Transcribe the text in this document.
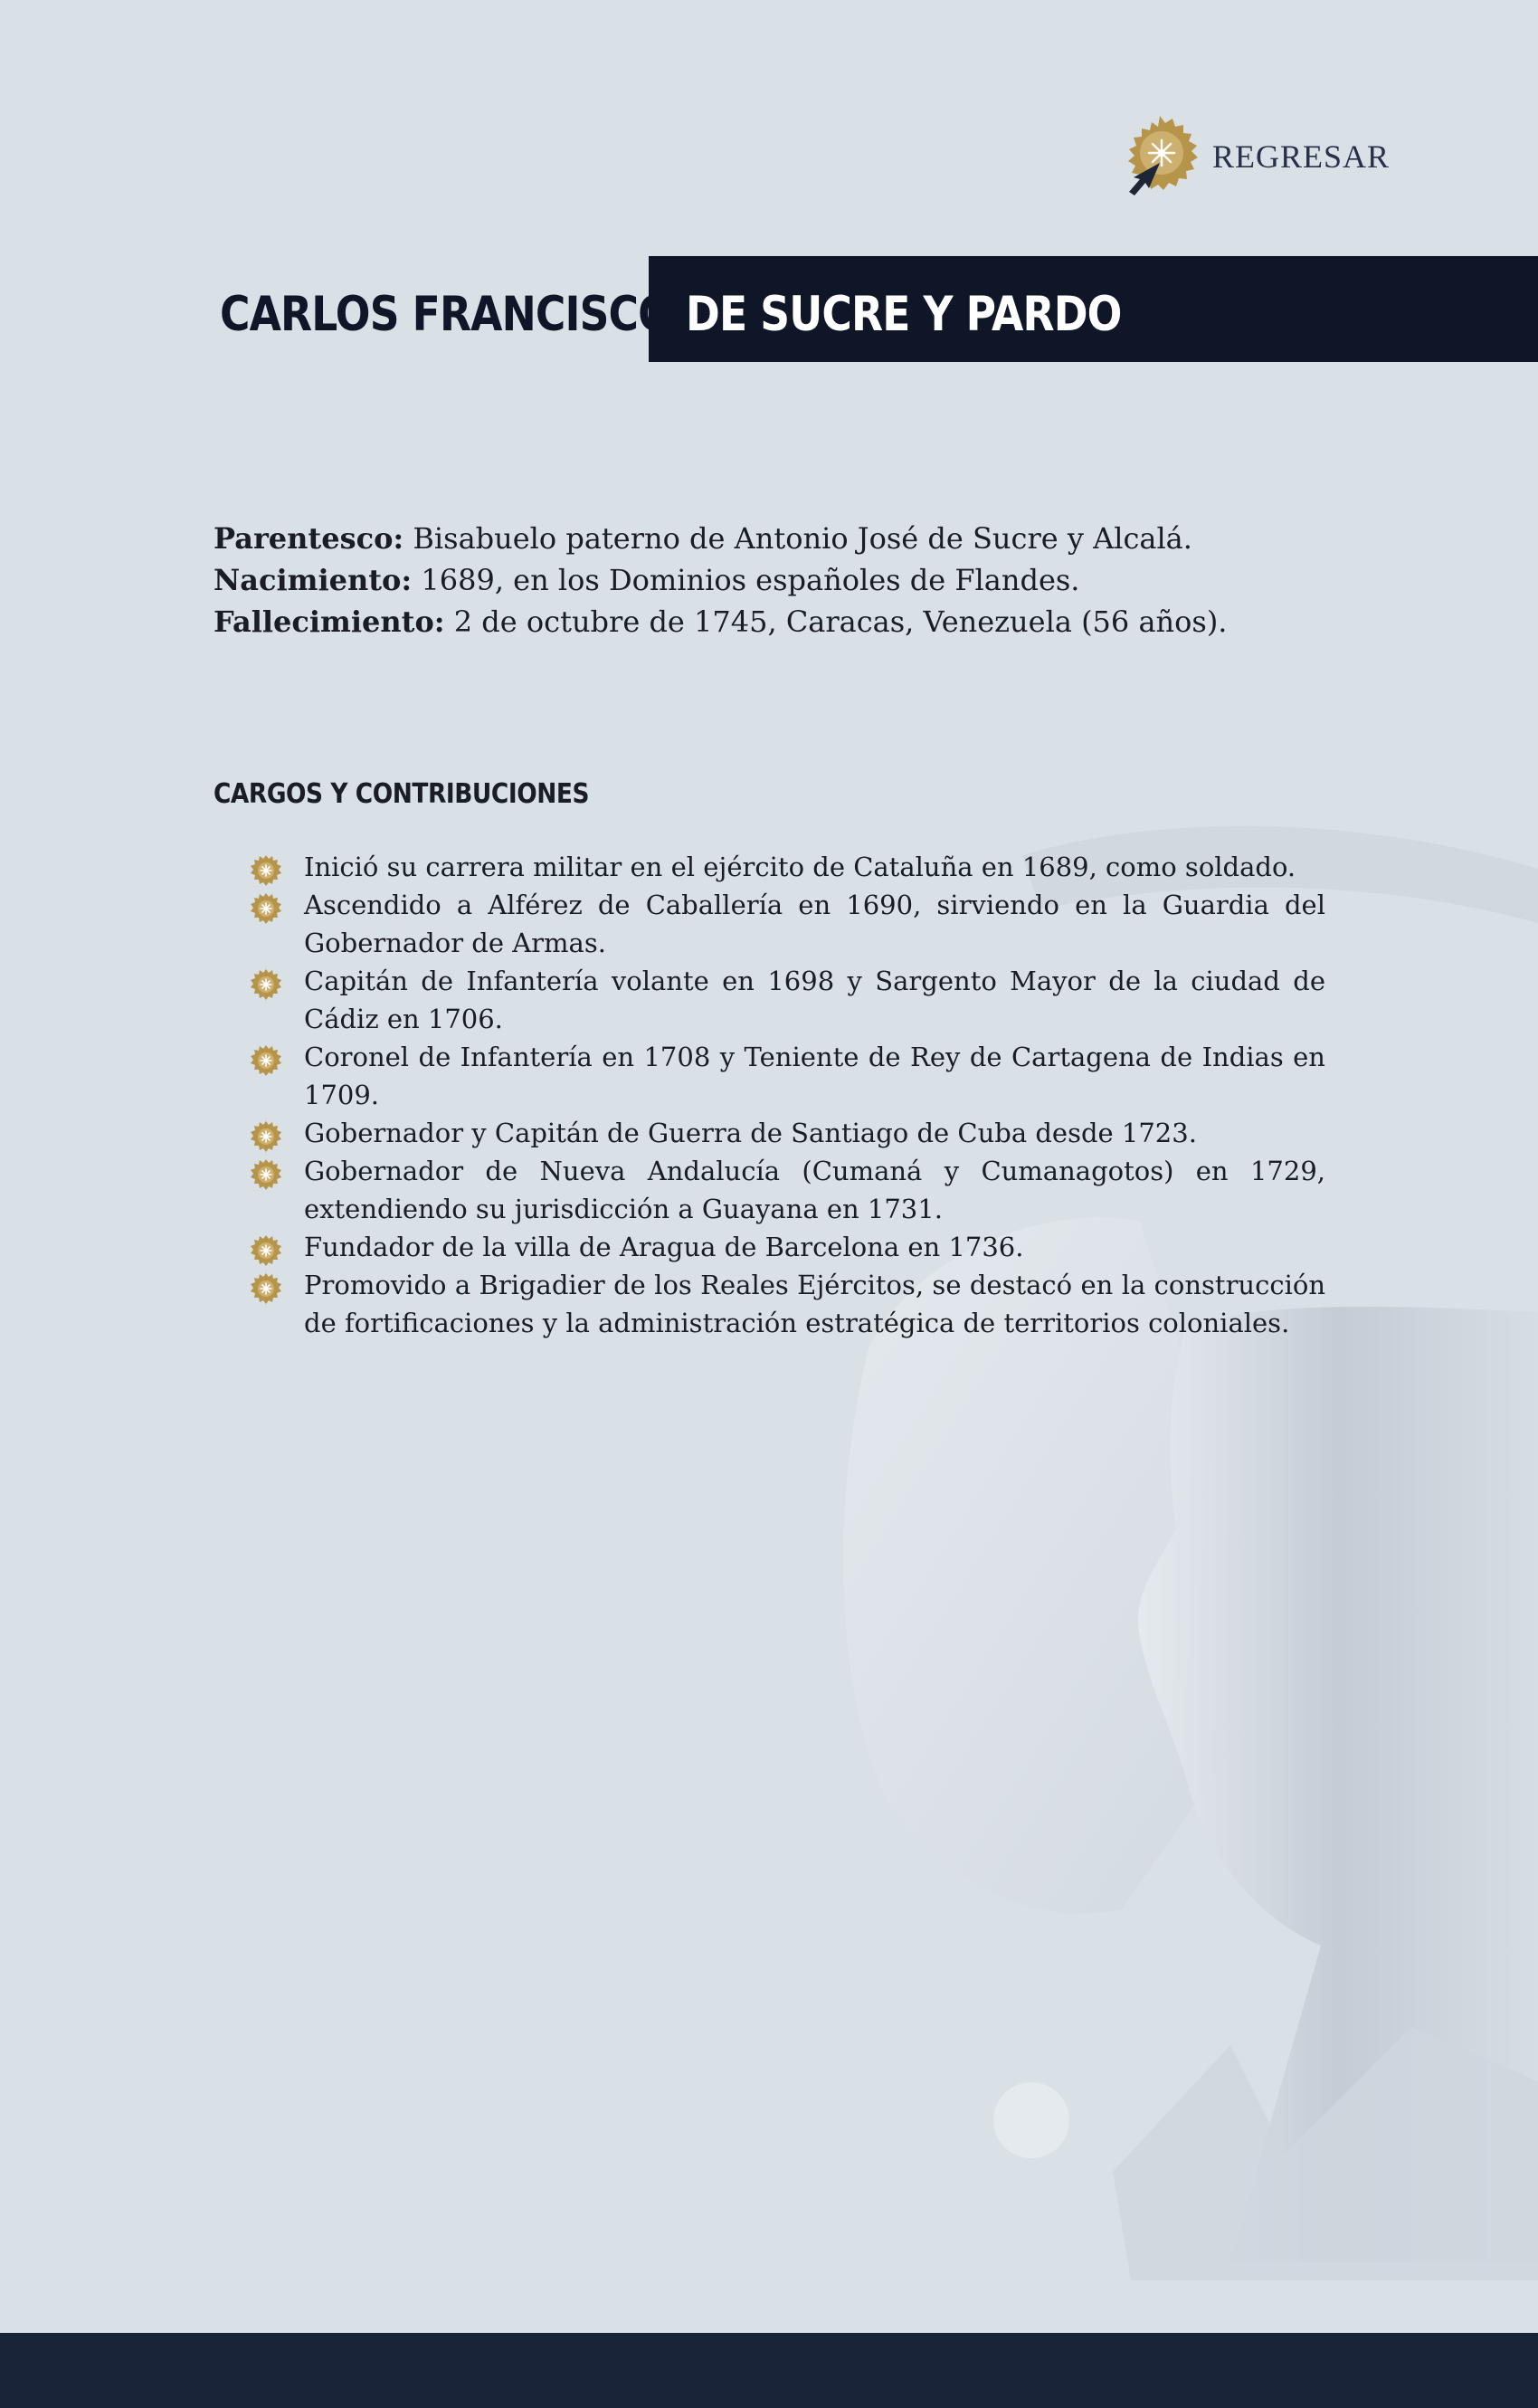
REGRESAR
CARLOS FRANCISCO DE SUCRE Y PARDO
Parentesco: Bisabuelo paterno de Antonio José de Sucre y Alcalá.
Nacimiento: 1689, en los Dominios españoles de Flandes.
Fallecimiento: 2 de octubre de 1745, Caracas, Venezuela (56 años).
CARGOS Y CONTRIBUCIONES
Inició su carrera militar en el ejército de Cataluña en 1689, como soldado.
Ascendido a Alférez de Caballería en 1690, sirviendo en la Guardia del Gobernador de Armas.
Capitán de Infantería volante en 1698 y Sargento Mayor de la ciudad de Cádiz en 1706.
Coronel de Infantería en 1708 y Teniente de Rey de Cartagena de Indias en 1709.
Gobernador y Capitán de Guerra de Santiago de Cuba desde 1723.
Gobernador de Nueva Andalucía (Cumaná y Cumanagotos) en 1729, extendiendo su jurisdicción a Guayana en 1731.
Fundador de la villa de Aragua de Barcelona en 1736.
Promovido a Brigadier de los Reales Ejércitos, se destacó en la construcción de fortificaciones y la administración estratégica de territorios coloniales.
